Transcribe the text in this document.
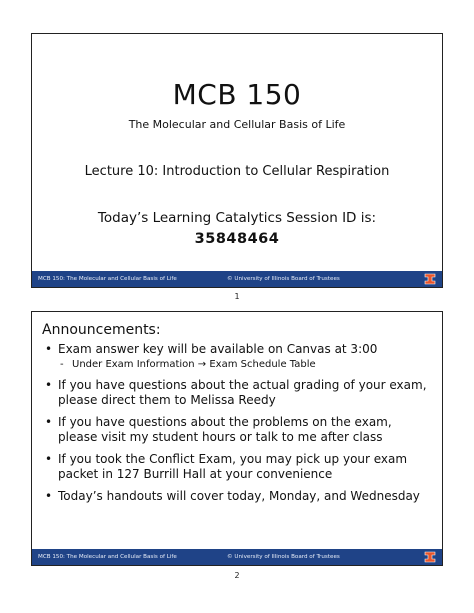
MCB 150
The Molecular and Cellular Basis of Life
Lecture 10: Introduction to Cellular Respiration
Today’s Learning Catalytics Session ID is:
35848464
MCB 150: The Molecular and Cellular Basis of Life	© University of Illinois Board of Trustees
1
Announcements:
• Exam answer key will be available on Canvas at 3:00
- Under Exam Information → Exam Schedule Table
• If you have questions about the actual grading of your exam, please direct them to Melissa Reedy
• If you have questions about the problems on the exam, please visit my student hours or talk to me after class
• If you took the Conflict Exam, you may pick up your exam packet in 127 Burrill Hall at your convenience
• Today’s handouts will cover today, Monday, and Wednesday
MCB 150: The Molecular and Cellular Basis of Life	© University of Illinois Board of Trustees
2
